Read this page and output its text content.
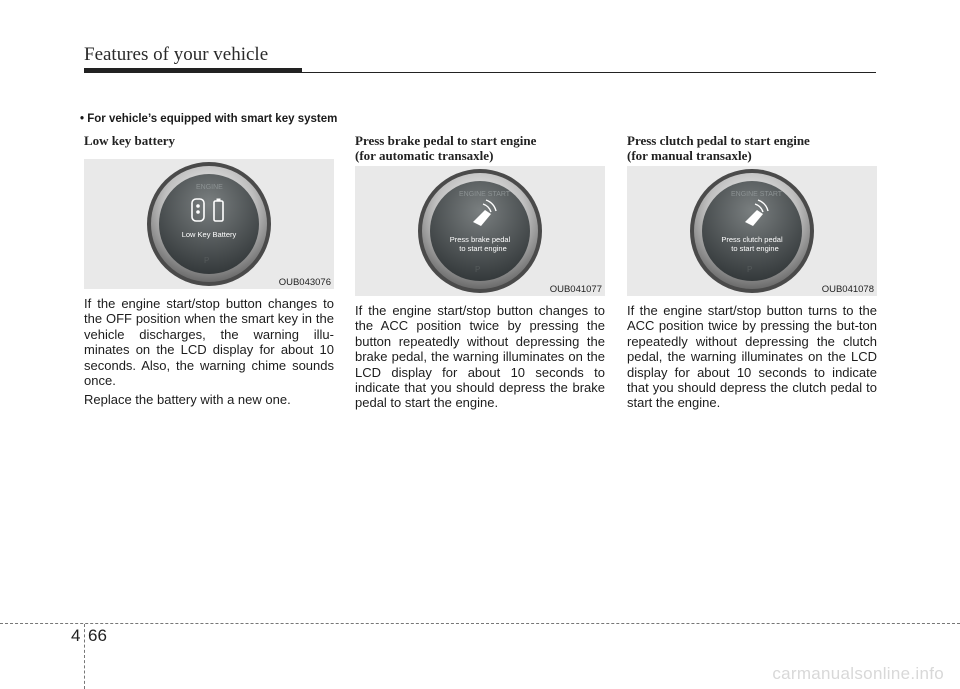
Features of your vehicle
• For vehicle’s equipped with smart key system
Low key battery
ENGINE
Low Key Battery
P
OUB043076

If the engine start/stop button changes to the OFF position when the smart key in the vehicle discharges, the warning illu-minates on the LCD display for about 10 seconds. Also, the warning chime sounds once.

Replace the battery with a new one.

Press brake pedal to start engine
(for automatic transaxle)
ENGINE START
Press brake pedal
to start engine
P
OUB041077

If the engine start/stop button changes to the ACC position twice by pressing the button repeatedly without depressing the brake pedal, the warning illuminates on the LCD display for about 10 seconds to indicate that you should depress the brake pedal to start the engine.

Press clutch pedal to start engine
(for manual transaxle)
ENGINE START
Press clutch pedal
to start engine
P
OUB041078

If the engine start/stop button turns to the ACC position twice by pressing the but-ton repeatedly without depressing the clutch pedal, the warning illuminates on the LCD display for about 10 seconds to indicate that you should depress the clutch pedal to start the engine.

4 66
carmanualsonline.info
